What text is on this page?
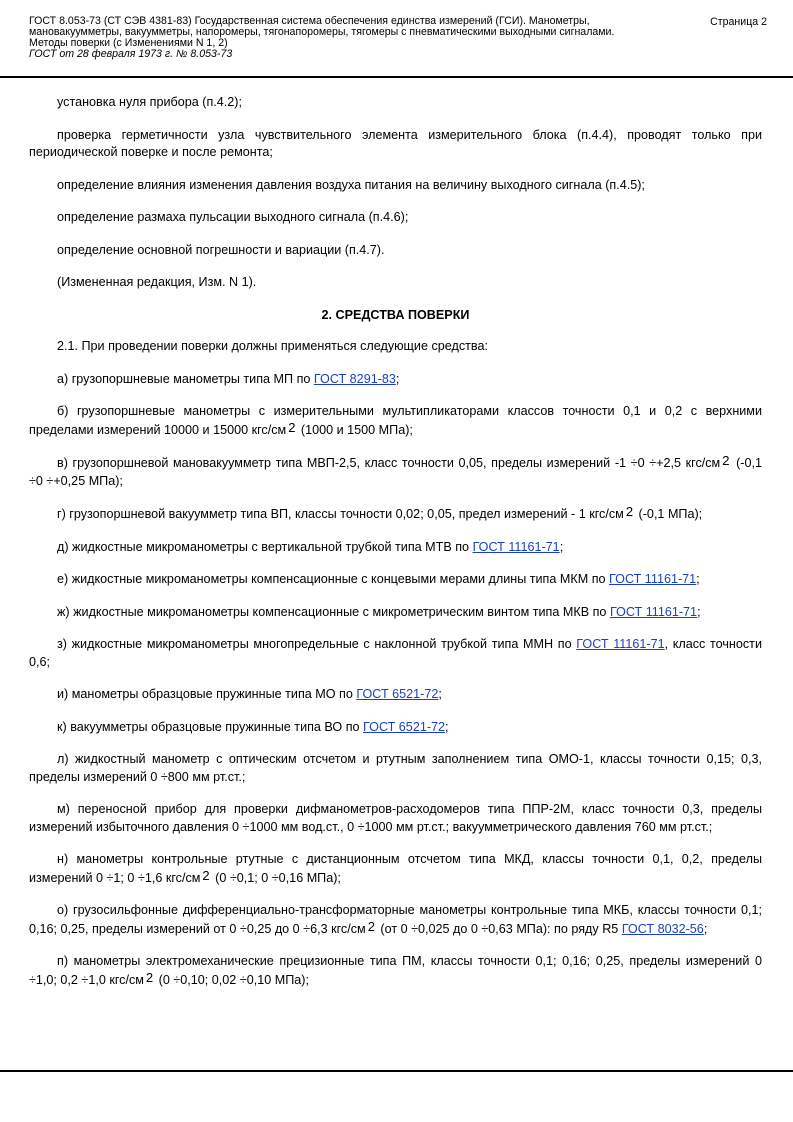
ГОСТ 8.053-73 (СТ СЭВ 4381-83) Государственная система обеспечения единства измерений (ГСИ). Манометры,
мановакуумметры, вакуумметры, напоромеры, тягонапоромеры, тягомеры с пневматическими выходными сигналами.
Методы поверки (с Изменениями N 1, 2)
ГОСТ от 28 февраля 1973 г. № 8.053-73
Страница 2

установка нуля прибора (п.4.2);

проверка герметичности узла чувствительного элемента измерительного блока (п.4.4), проводят только при периодической поверке и после ремонта;

определение влияния изменения давления воздуха питания на величину выходного сигнала (п.4.5);

определение размаха пульсации выходного сигнала (п.4.6);

определение основной погрешности и вариации (п.4.7).

(Измененная редакция, Изм. N 1).

2. СРЕДСТВА ПОВЕРКИ

2.1. При проведении поверки должны применяться следующие средства:

а) грузопоршневые манометры типа МП по ГОСТ 8291-83;

б) грузопоршневые манометры с измерительными мультипликаторами классов точности 0,1 и 0,2 с верхними пределами измерений 10000 и 15000 кгс/см 2 (1000 и 1500 МПа);

в) грузопоршневой мановакуумметр типа МВП-2,5, класс точности 0,05, пределы измерений -1 ÷0 ÷+2,5 кгс/см 2 (-0,1 ÷0 ÷+0,25 МПа);

г) грузопоршневой вакуумметр типа ВП, классы точности 0,02; 0,05, предел измерений - 1 кгс/см 2 (-0,1 МПа);

д) жидкостные микроманометры с вертикальной трубкой типа МТВ по ГОСТ 11161-71;

е) жидкостные микроманометры компенсационные с концевыми мерами длины типа МКМ по ГОСТ 11161-71;

ж) жидкостные микроманометры компенсационные с микрометрическим винтом типа МКВ по ГОСТ 11161-71;

з) жидкостные микроманометры многопредельные с наклонной трубкой типа ММН по ГОСТ 11161-71, класс точности 0,6;

и) манометры образцовые пружинные типа МО по ГОСТ 6521-72;

к) вакуумметры образцовые пружинные типа ВО по ГОСТ 6521-72;

л) жидкостный манометр с оптическим отсчетом и ртутным заполнением типа ОМО-1, классы точности 0,15; 0,3, пределы измерений 0 ÷800 мм рт.ст.;

м) переносной прибор для проверки дифманометров-расходомеров типа ППР-2М, класс точности 0,3, пределы измерений избыточного давления 0 ÷1000 мм вод.ст., 0 ÷1000 мм рт.ст.; вакуумметрического давления 760 мм рт.ст.;

н) манометры контрольные ртутные с дистанционным отсчетом типа МКД, классы точности 0,1, 0,2, пределы измерений 0 ÷1; 0 ÷1,6 кгс/см 2 (0 ÷0,1; 0 ÷0,16 МПа);

о) грузосильфонные дифференциально-трансформаторные манометры контрольные типа МКБ, классы точности 0,1; 0,16; 0,25, пределы измерений от 0 ÷0,25 до 0 ÷6,3 кгс/см 2 (от 0 ÷0,025 до 0 ÷0,63 МПа): по ряду R5 ГОСТ 8032-56;

п) манометры электромеханические прецизионные типа ПМ, классы точности 0,1; 0,16; 0,25, пределы измерений 0 ÷1,0; 0,2 ÷1,0 кгс/см 2 (0 ÷0,10; 0,02 ÷0,10 МПа);
